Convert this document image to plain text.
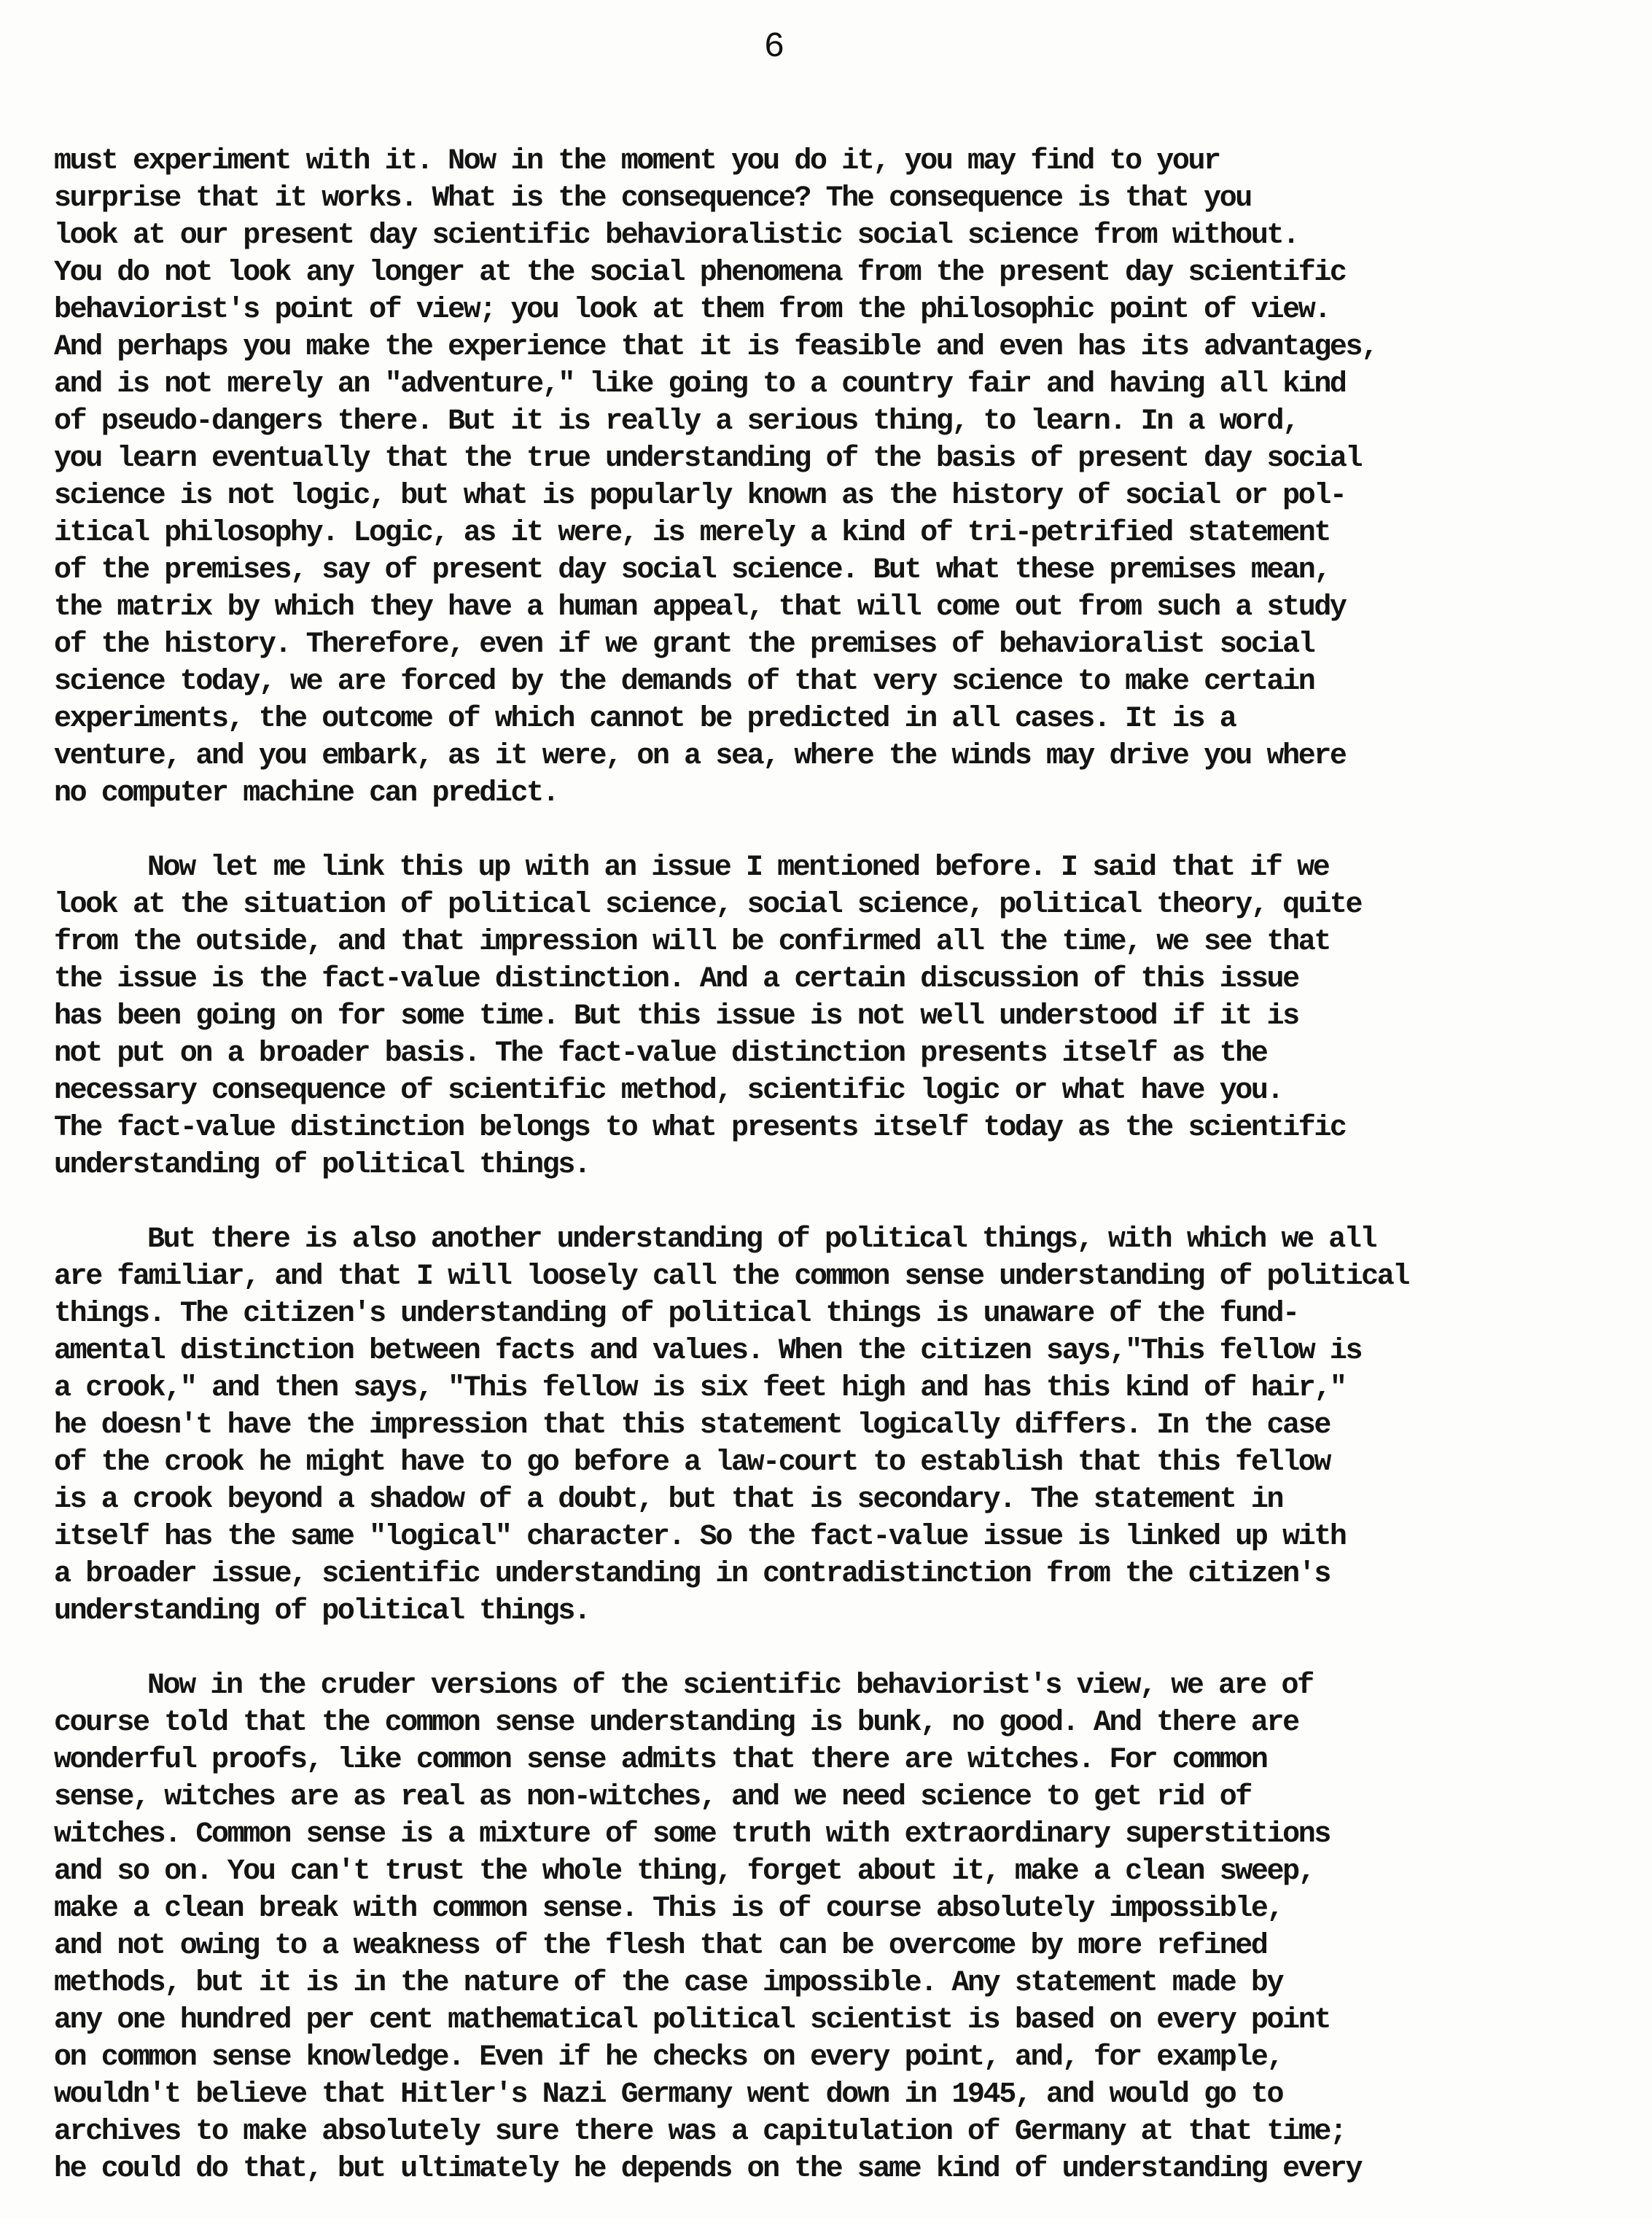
6
must experiment with it. Now in the moment you do it, you may find to your
surprise that it works. What is the consequence? The consequence is that you
look at our present day scientific behavioralistic social science from without.
You do not look any longer at the social phenomena from the present day scientific
behaviorist's point of view; you look at them from the philosophic point of view.
And perhaps you make the experience that it is feasible and even has its advantages,
and is not merely an "adventure," like going to a country fair and having all kind
of pseudo-dangers there. But it is really a serious thing, to learn. In a word,
you learn eventually that the true understanding of the basis of present day social
science is not logic, but what is popularly known as the history of social or pol-
itical philosophy. Logic, as it were, is merely a kind of tri-petrified statement
of the premises, say of present day social science. But what these premises mean,
the matrix by which they have a human appeal, that will come out from such a study
of the history. Therefore, even if we grant the premises of behavioralist social
science today, we are forced by the demands of that very science to make certain
experiments, the outcome of which cannot be predicted in all cases. It is a
venture, and you embark, as it were, on a sea, where the winds may drive you where
no computer machine can predict.
Now let me link this up with an issue I mentioned before. I said that if we
look at the situation of political science, social science, political theory, quite
from the outside, and that impression will be confirmed all the time, we see that
the issue is the fact-value distinction. And a certain discussion of this issue
has been going on for some time. But this issue is not well understood if it is
not put on a broader basis. The fact-value distinction presents itself as the
necessary consequence of scientific method, scientific logic or what have you.
The fact-value distinction belongs to what presents itself today as the scientific
understanding of political things.
But there is also another understanding of political things, with which we all
are familiar, and that I will loosely call the common sense understanding of political
things. The citizen's understanding of political things is unaware of the fund-
amental distinction between facts and values. When the citizen says,"This fellow is
a crook," and then says, "This fellow is six feet high and has this kind of hair,"
he doesn't have the impression that this statement logically differs. In the case
of the crook he might have to go before a law-court to establish that this fellow
is a crook beyond a shadow of a doubt, but that is secondary. The statement in
itself has the same "logical" character. So the fact-value issue is linked up with
a broader issue, scientific understanding in contradistinction from the citizen's
understanding of political things.
Now in the cruder versions of the scientific behaviorist's view, we are of
course told that the common sense understanding is bunk, no good. And there are
wonderful proofs, like common sense admits that there are witches. For common
sense, witches are as real as non-witches, and we need science to get rid of
witches. Common sense is a mixture of some truth with extraordinary superstitions
and so on. You can't trust the whole thing, forget about it, make a clean sweep,
make a clean break with common sense. This is of course absolutely impossible,
and not owing to a weakness of the flesh that can be overcome by more refined
methods, but it is in the nature of the case impossible. Any statement made by
any one hundred per cent mathematical political scientist is based on every point
on common sense knowledge. Even if he checks on every point, and, for example,
wouldn't believe that Hitler's Nazi Germany went down in 1945, and would go to
archives to make absolutely sure there was a capitulation of Germany at that time;
he could do that, but ultimately he depends on the same kind of understanding every
